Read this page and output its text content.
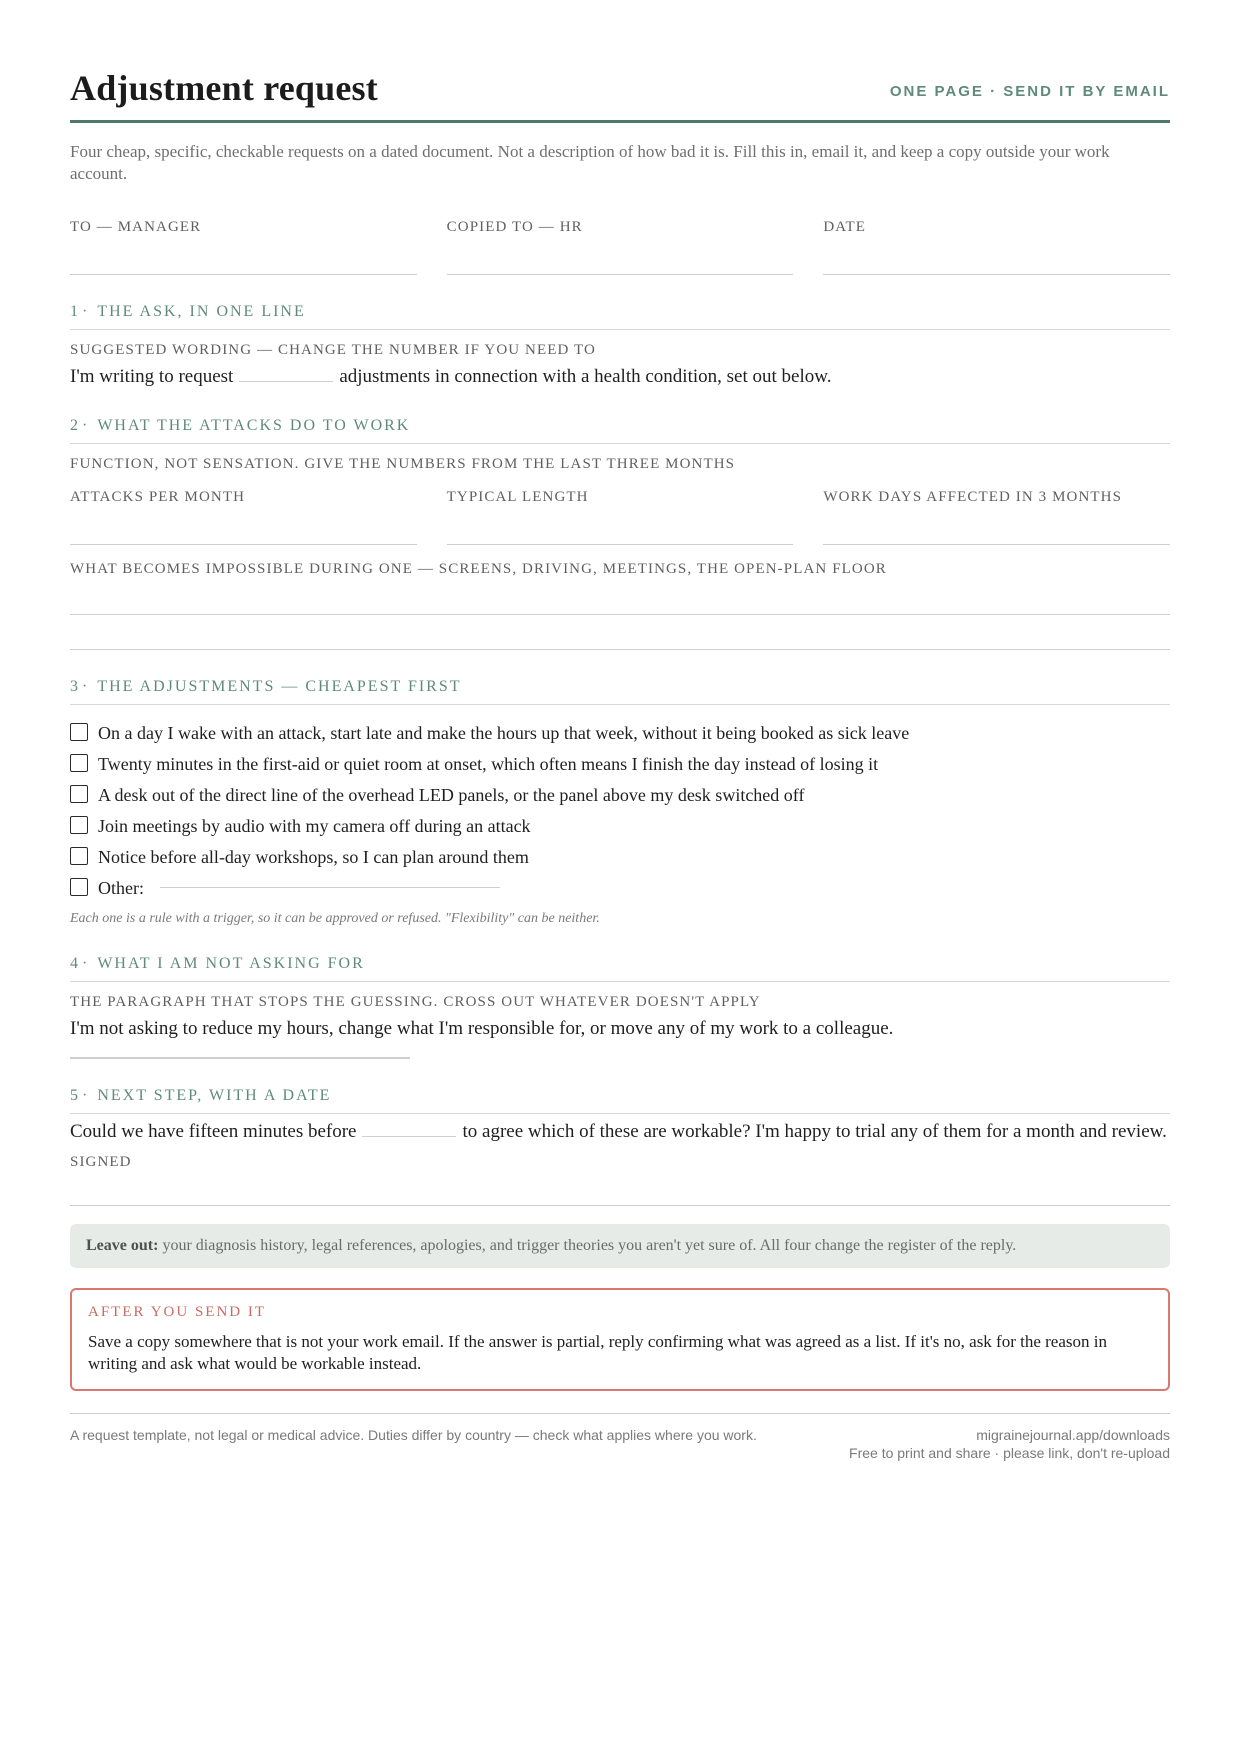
Adjustment request	ONE PAGE · SEND IT BY EMAIL
Four cheap, specific, checkable requests on a dated document. Not a description of how bad it is. Fill this in, email it, and keep a copy outside your work account.
TO — MANAGER	COPIED TO — HR	DATE
1 · THE ASK, IN ONE LINE
SUGGESTED WORDING — CHANGE THE NUMBER IF YOU NEED TO
I'm writing to request	adjustments in connection with a health condition, set out below.
2 · WHAT THE ATTACKS DO TO WORK
FUNCTION, NOT SENSATION. GIVE THE NUMBERS FROM THE LAST THREE MONTHS
ATTACKS PER MONTH	TYPICAL LENGTH	WORK DAYS AFFECTED IN 3 MONTHS
WHAT BECOMES IMPOSSIBLE DURING ONE — SCREENS, DRIVING, MEETINGS, THE OPEN-PLAN FLOOR
3 · THE ADJUSTMENTS — CHEAPEST FIRST
On a day I wake with an attack, start late and make the hours up that week, without it being booked as sick leave
Twenty minutes in the first-aid or quiet room at onset, which often means I finish the day instead of losing it
A desk out of the direct line of the overhead LED panels, or the panel above my desk switched off
Join meetings by audio with my camera off during an attack
Notice before all-day workshops, so I can plan around them
Other:
Each one is a rule with a trigger, so it can be approved or refused. "Flexibility" can be neither.
4 · WHAT I AM NOT ASKING FOR
THE PARAGRAPH THAT STOPS THE GUESSING. CROSS OUT WHATEVER DOESN'T APPLY
I'm not asking to reduce my hours, change what I'm responsible for, or move any of my work to a colleague.
5 · NEXT STEP, WITH A DATE
Could we have fifteen minutes before	to agree which of these are workable? I'm happy to trial any of them for a month and review.
SIGNED
Leave out: your diagnosis history, legal references, apologies, and trigger theories you aren't yet sure of. All four change the register of the reply.
AFTER YOU SEND IT
Save a copy somewhere that is not your work email. If the answer is partial, reply confirming what was agreed as a list. If it's no, ask for the reason in writing and ask what would be workable instead.
A request template, not legal or medical advice. Duties differ by country — check what applies where you work.	migrainejournal.app/downloads
Free to print and share · please link, don't re-upload
